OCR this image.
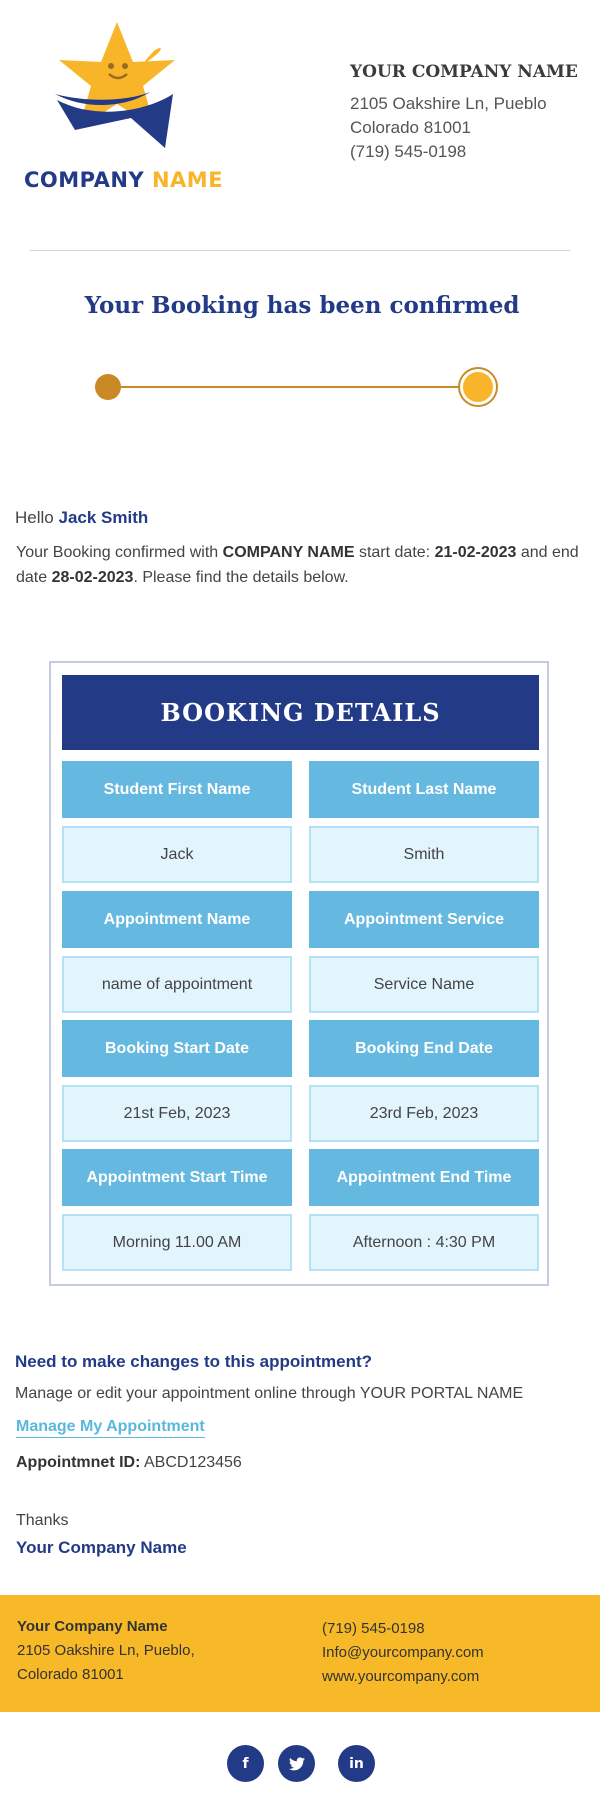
COMPANY NAME
YOUR COMPANY NAME
2105 Oakshire Ln, Pueblo
Colorado 81001
(719) 545-0198
Your Booking has been confirmed
Hello Jack Smith
Your Booking confirmed with COMPANY NAME start date: 21-02-2023 and end date 28-02-2023. Please find the details below.
BOOKING DETAILS
Student First Name	Student Last Name
Jack	Smith
Appointment Name	Appointment Service
name of appointment	Service Name
Booking Start Date	Booking End Date
21st Feb, 2023	23rd Feb, 2023
Appointment Start Time	Appointment End Time
Morning 11.00 AM	Afternoon : 4:30 PM
Need to make changes to this appointment?
Manage or edit your appointment online through YOUR PORTAL NAME
Manage My Appointment
Appointmnet ID: ABCD123456
Thanks
Your Company Name
Your Company Name
2105 Oakshire Ln, Pueblo,
Colorado 81001
(719) 545-0198
Info@yourcompany.com
www.yourcompany.com
f	in
